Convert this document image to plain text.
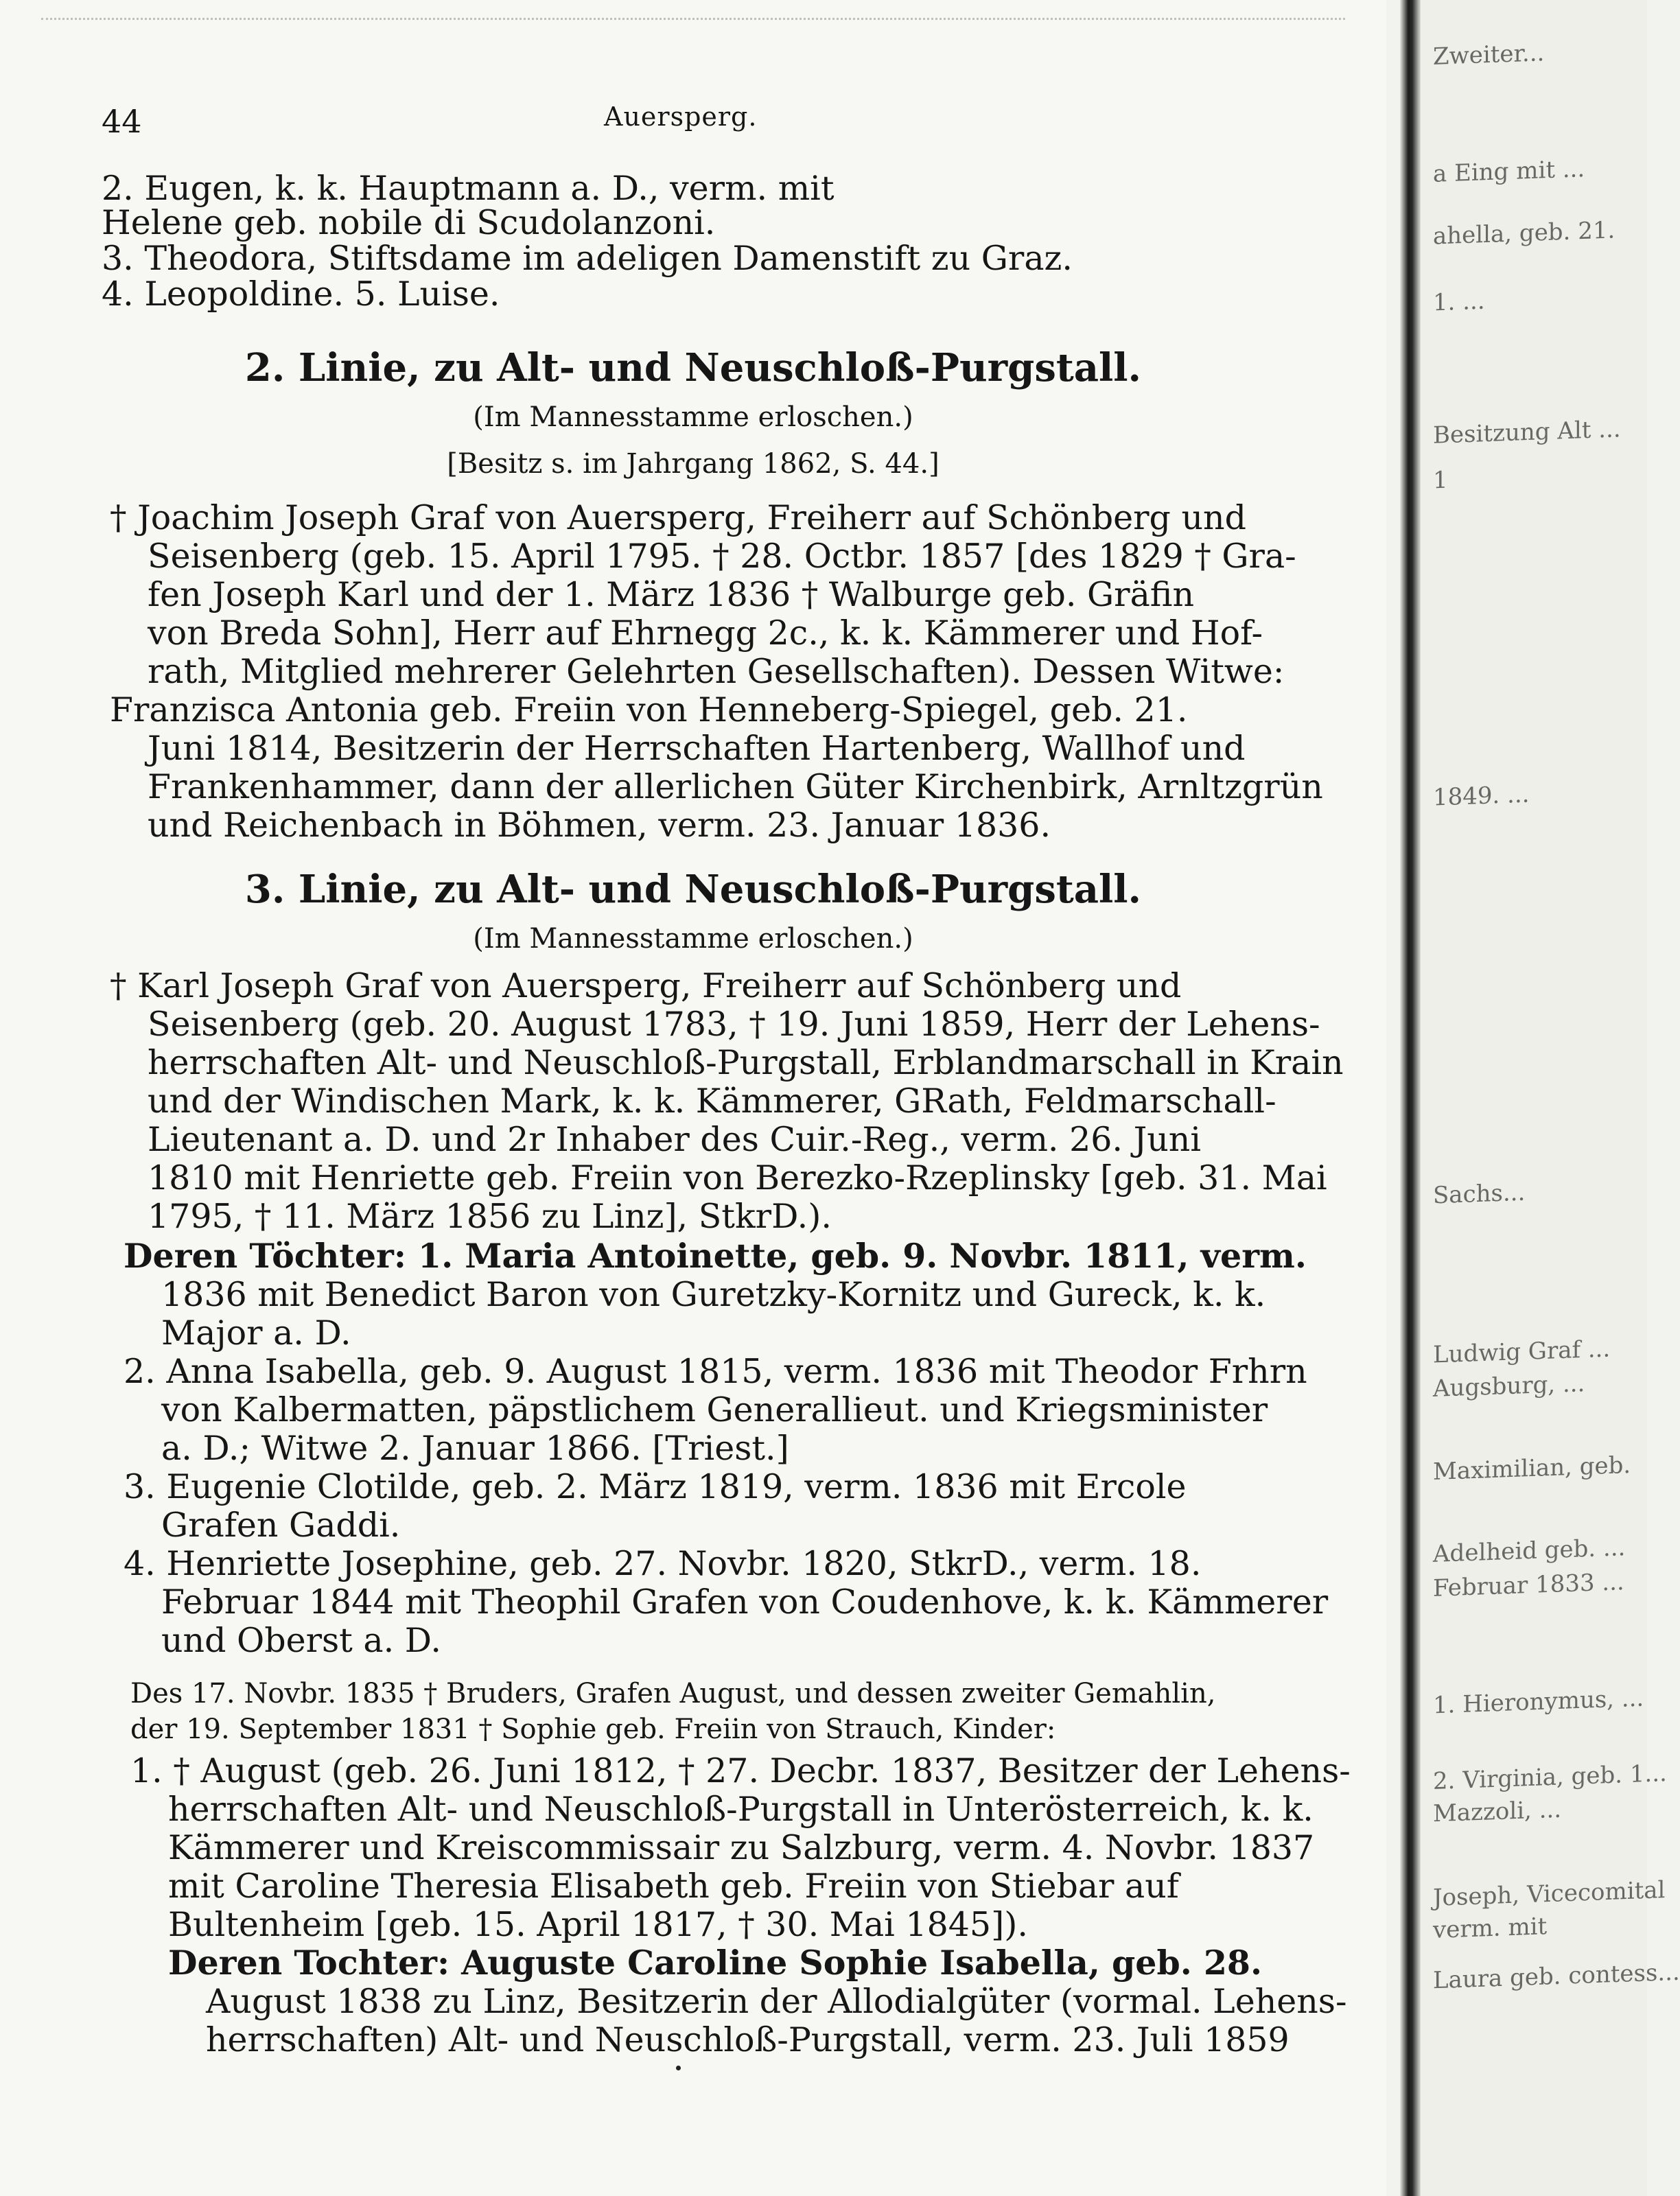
44	Auersperg.
2. Eugen, k. k. Hauptmann a. D., verm. mit
Helene geb. nobile di Scudolanzoni.
3. Theodora, Stiftsdame im adeligen Damenstift zu Graz.
4. Leopoldine. 5. Luise.
2. Linie, zu Alt- und Neuschloß-Purgstall.
(Im Mannesstamme erloschen.)
[Besitz s. im Jahrgang 1862, S. 44.]
† Joachim Joseph Graf von Auersperg, Freiherr auf Schönberg und
Seisenberg (geb. 15. April 1795. † 28. Octbr. 1857 [des 1829 † Gra-
fen Joseph Karl und der 1. März 1836 † Walburge geb. Gräfin
von Breda Sohn], Herr auf Ehrnegg 2c., k. k. Kämmerer und Hof-
rath, Mitglied mehrerer Gelehrten Gesellschaften). Dessen Witwe:
Franzisca Antonia geb. Freiin von Henneberg-Spiegel, geb. 21.
Juni 1814, Besitzerin der Herrschaften Hartenberg, Wallhof und
Frankenhammer, dann der allerlichen Güter Kirchenbirk, Arnltzgrün
und Reichenbach in Böhmen, verm. 23. Januar 1836.
3. Linie, zu Alt- und Neuschloß-Purgstall.
(Im Mannesstamme erloschen.)
† Karl Joseph Graf von Auersperg, Freiherr auf Schönberg und
Seisenberg (geb. 20. August 1783, † 19. Juni 1859, Herr der Lehens-
herrschaften Alt- und Neuschloß-Purgstall, Erblandmarschall in Krain
und der Windischen Mark, k. k. Kämmerer, GRath, Feldmarschall-
Lieutenant a. D. und 2r Inhaber des Cuir.-Reg., verm. 26. Juni
1810 mit Henriette geb. Freiin von Berezko-Rzeplinsky [geb. 31. Mai
1795, † 11. März 1856 zu Linz], StkrD.).
Deren Töchter: 1. Maria Antoinette, geb. 9. Novbr. 1811, verm.
1836 mit Benedict Baron von Guretzky-Kornitz und Gureck, k. k.
Major a. D.
2. Anna Isabella, geb. 9. August 1815, verm. 1836 mit Theodor Frhrn
von Kalbermatten, päpstlichem Generallieut. und Kriegsminister
a. D.; Witwe 2. Januar 1866. [Triest.]
3. Eugenie Clotilde, geb. 2. März 1819, verm. 1836 mit Ercole
Grafen Gaddi.
4. Henriette Josephine, geb. 27. Novbr. 1820, StkrD., verm. 18.
Februar 1844 mit Theophil Grafen von Coudenhove, k. k. Kämmerer
und Oberst a. D.
Des 17. Novbr. 1835 † Bruders, Grafen August, und dessen zweiter Gemahlin,
der 19. September 1831 † Sophie geb. Freiin von Strauch, Kinder:
1. † August (geb. 26. Juni 1812, † 27. Decbr. 1837, Besitzer der Lehens-
herrschaften Alt- und Neuschloß-Purgstall in Unterösterreich, k. k.
Kämmerer und Kreiscommissair zu Salzburg, verm. 4. Novbr. 1837
mit Caroline Theresia Elisabeth geb. Freiin von Stiebar auf
Bultenheim [geb. 15. April 1817, † 30. Mai 1845]).
Deren Tochter: Auguste Caroline Sophie Isabella, geb. 28.
August 1838 zu Linz, Besitzerin der Allodialgüter (vormal. Lehens-
herrschaften) Alt- und Neuschloß-Purgstall, verm. 23. Juli 1859
Zweiter...
a Eing mit ...
ahella, geb. 21.
1. ...
1
Besitzung Alt ...
1849. ...
Sachs...
Ludwig Graf ...
Augsburg, ...
Maximilian, geb.
Adelheid geb. ...
Februar 1833 ...
1. Hieronymus, ...
2. Virginia, geb. 1...
Mazzoli, ...
Joseph, Vicecomital
verm. mit
Laura geb. contess...
